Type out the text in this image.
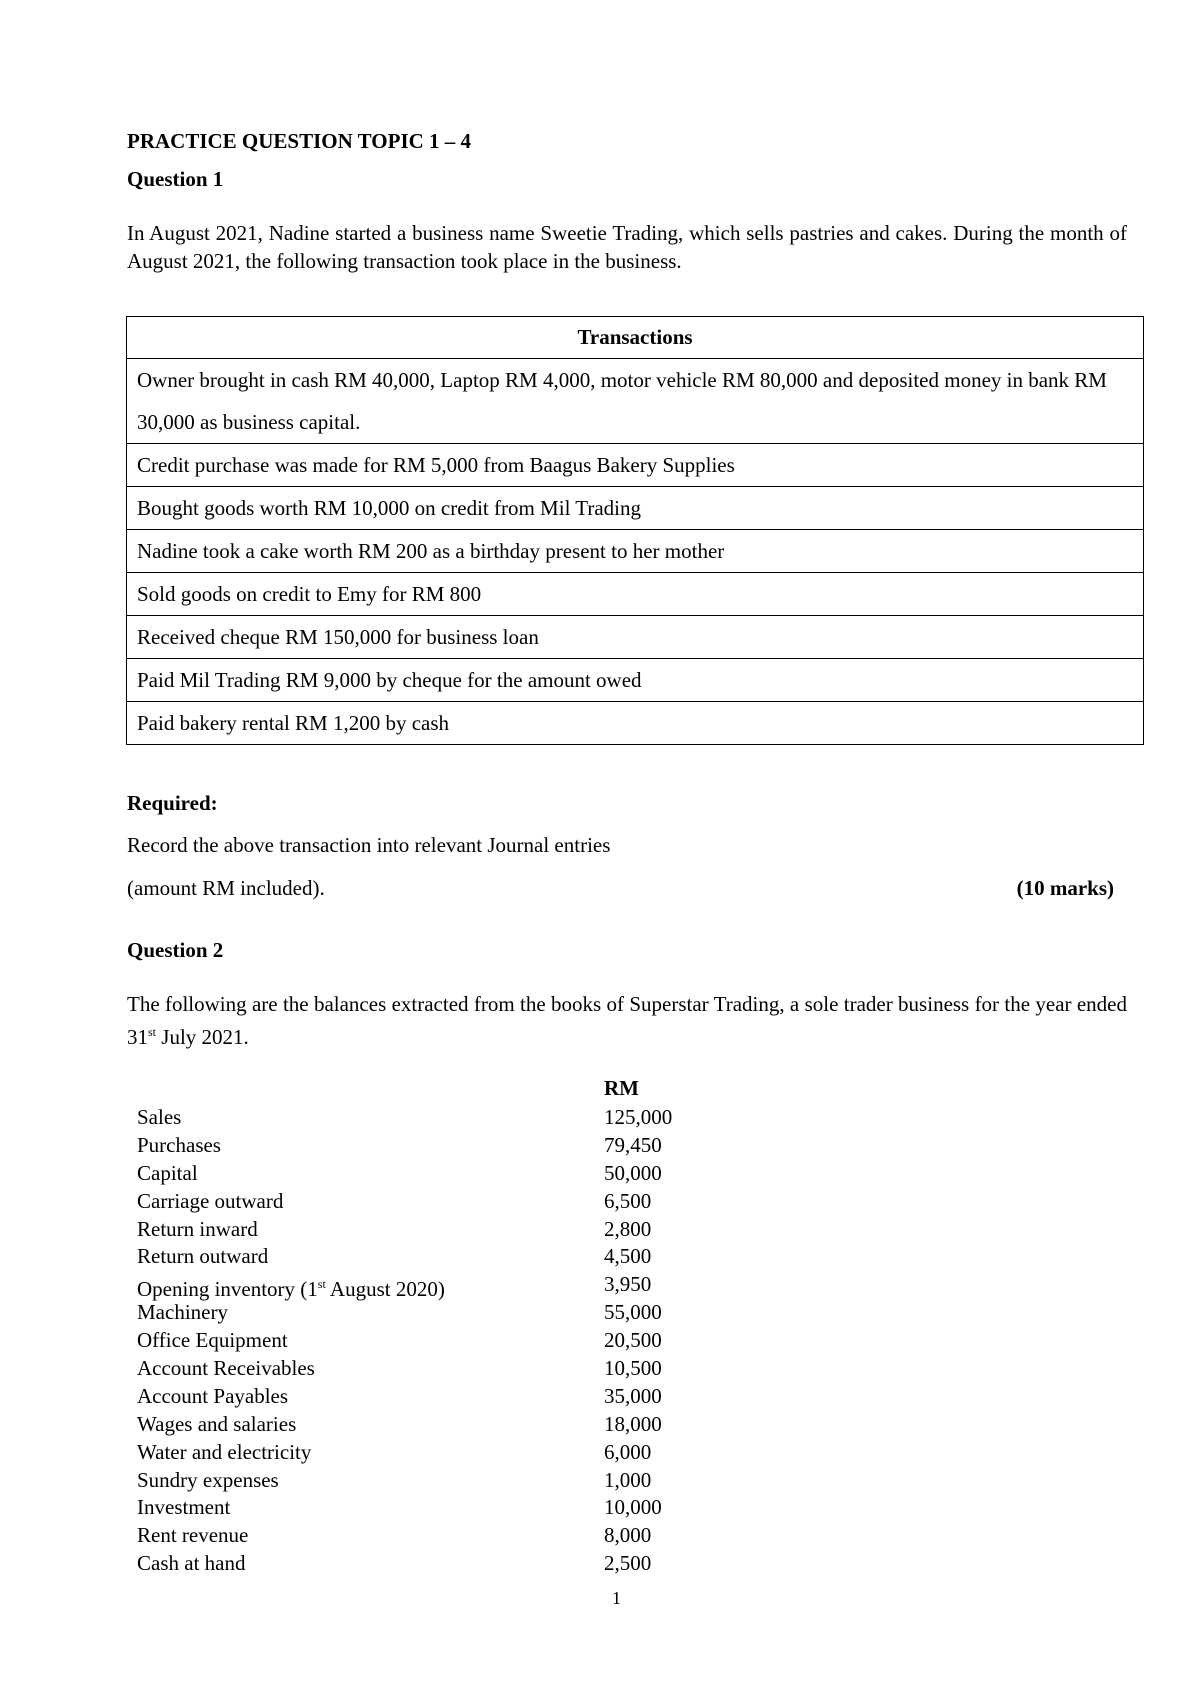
PRACTICE QUESTION TOPIC 1 – 4
Question 1
In August 2021, Nadine started a business name Sweetie Trading, which sells pastries and cakes. During the month of August 2021, the following transaction took place in the business.
Transactions
Owner brought in cash RM 40,000, Laptop RM 4,000, motor vehicle RM 80,000 and deposited money in bank RM 30,000 as business capital.
Credit purchase was made for RM 5,000 from Baagus Bakery Supplies
Bought goods worth RM 10,000 on credit from Mil Trading
Nadine took a cake worth RM 200 as a birthday present to her mother
Sold goods on credit to Emy for RM 800
Received cheque RM 150,000 for business loan
Paid Mil Trading RM 9,000 by cheque for the amount owed
Paid bakery rental RM 1,200 by cash
Required:
Record the above transaction into relevant Journal entries
(amount RM included).	(10 marks)
Question 2
The following are the balances extracted from the books of Superstar Trading, a sole trader business for the year ended 31st July 2021.
RM
Sales	125,000
Purchases	79,450
Capital	50,000
Carriage outward	6,500
Return inward	2,800
Return outward	4,500
Opening inventory (1st August 2020)	3,950
Machinery	55,000
Office Equipment	20,500
Account Receivables	10,500
Account Payables	35,000
Wages and salaries	18,000
Water and electricity	6,000
Sundry expenses	1,000
Investment	10,000
Rent revenue	8,000
Cash at hand	2,500
1
